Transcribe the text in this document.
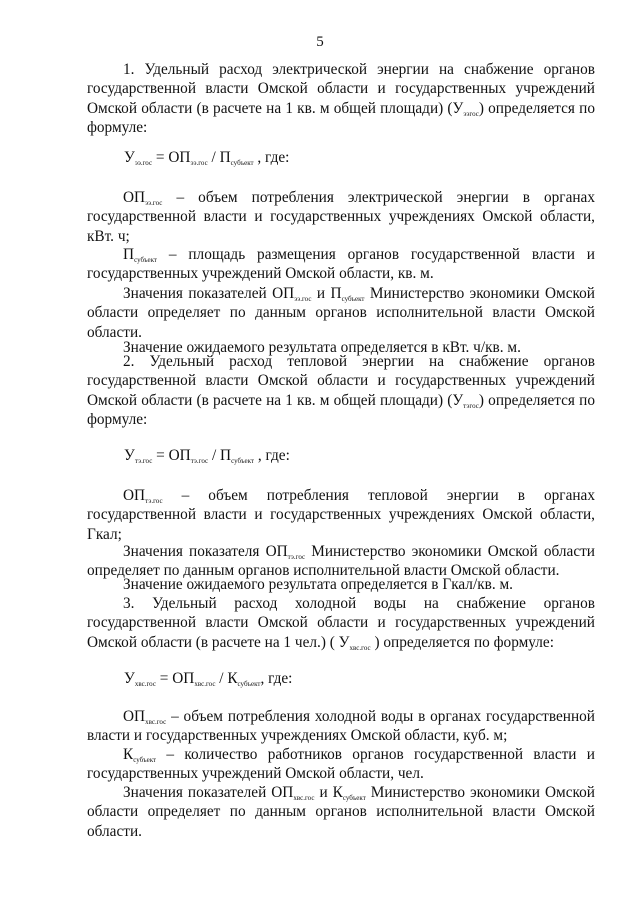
5
1. Удельный расход электрической энергии на снабжение органов государственной власти Омской области и государственных учреждений Омской области (в расчете на 1 кв. м общей площади) $(У_{ээгос})$ определяется по формуле:
$У_{ээ.гос} = ОП_{ээ.гос} / П_{субъект}$ , где:
$ОП_{ээ.гос}$ – объем потребления электрической энергии в органах государственной власти и государственных учреждениях Омской области, кВт. ч;
$П_{субъект}$ – площадь размещения органов государственной власти и государственных учреждений Омской области, кв. м.
Значения показателей $ОП_{ээ.гос}$ и $П_{субъект}$ Министерство экономики Омской области определяет по данным органов исполнительной власти Омской области.
Значение ожидаемого результата определяется в кВт. ч/кв. м.
2. Удельный расход тепловой энергии на снабжение органов государственной власти Омской области и государственных учреждений Омской области (в расчете на 1 кв. м общей площади) $(У_{тэгос})$ определяется по формуле:
$У_{тэ.гос} = ОП_{тэ.гос} / П_{субъект}$ , где:
$ОП_{тэ.гос}$ – объем потребления тепловой энергии в органах государственной власти и государственных учреждениях Омской области, Гкал;
Значения показателя $ОП_{тэ.гос}$ Министерство экономики Омской области определяет по данным органов исполнительной власти Омской области.
Значение ожидаемого результата определяется в Гкал/кв. м.
3. Удельный расход холодной воды на снабжение органов государственной власти Омской области и государственных учреждений Омской области (в расчете на 1 чел.) ( $У_{хвс.гос}$ ) определяется по формуле:
$У_{хвс.гос} = ОП_{хвс.гос} / К_{субъект}$, где:
$ОП_{хвс.гос}$ – объем потребления холодной воды в органах государственной власти и государственных учреждениях Омской области, куб. м;
$К_{субъект}$ – количество работников органов государственной власти и государственных учреждений Омской области, чел.
Значения показателей $ОП_{хвс.гос}$ и $К_{субъект}$ Министерство экономики Омской области определяет по данным органов исполнительной власти Омской области.
